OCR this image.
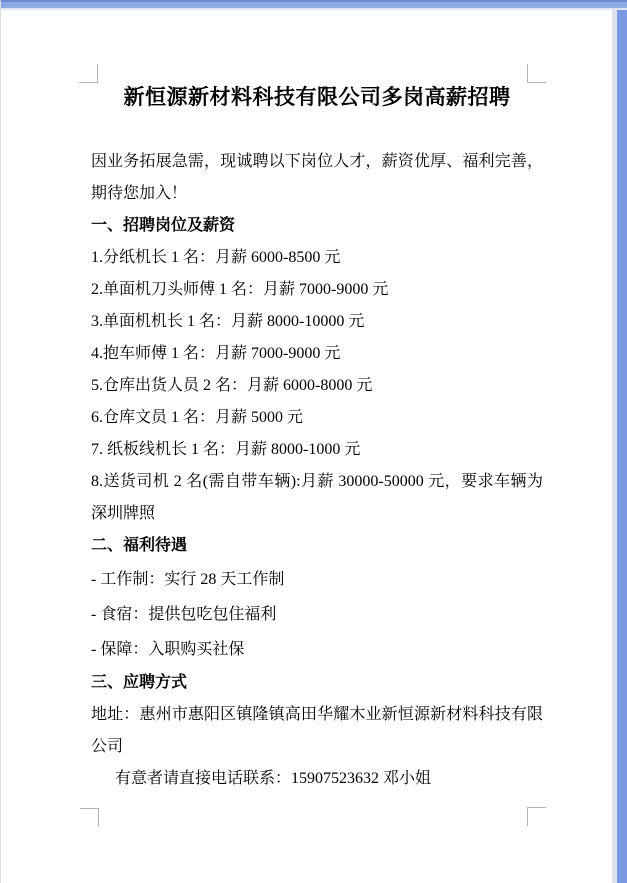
新恒源新材料科技有限公司多岗高薪招聘

因业务拓展急需，现诚聘以下岗位人才，薪资优厚、福利完善，期待您加入！

一、招聘岗位及薪资

1.分纸机长 1 名：月薪 6000-8500 元

2.单面机刀头师傅 1 名：月薪 7000-9000 元

3.单面机机长 1 名：月薪 8000-10000 元

4.抱车师傅 1 名：月薪 7000-9000 元

5.仓库出货人员 2 名：月薪 6000-8000 元

6.仓库文员 1 名：月薪 5000 元

7. 纸板线机长 1 名：月薪 8000-1000 元

8.送货司机 2 名(需自带车辆):月薪 30000-50000 元，要求车辆为深圳牌照

二、福利待遇

- 工作制：实行 28 天工作制

- 食宿：提供包吃包住福利

- 保障：入职购买社保

三、应聘方式

地址：惠州市惠阳区镇隆镇高田华耀木业新恒源新材料科技有限公司

有意者请直接电话联系：15907523632 邓小姐
